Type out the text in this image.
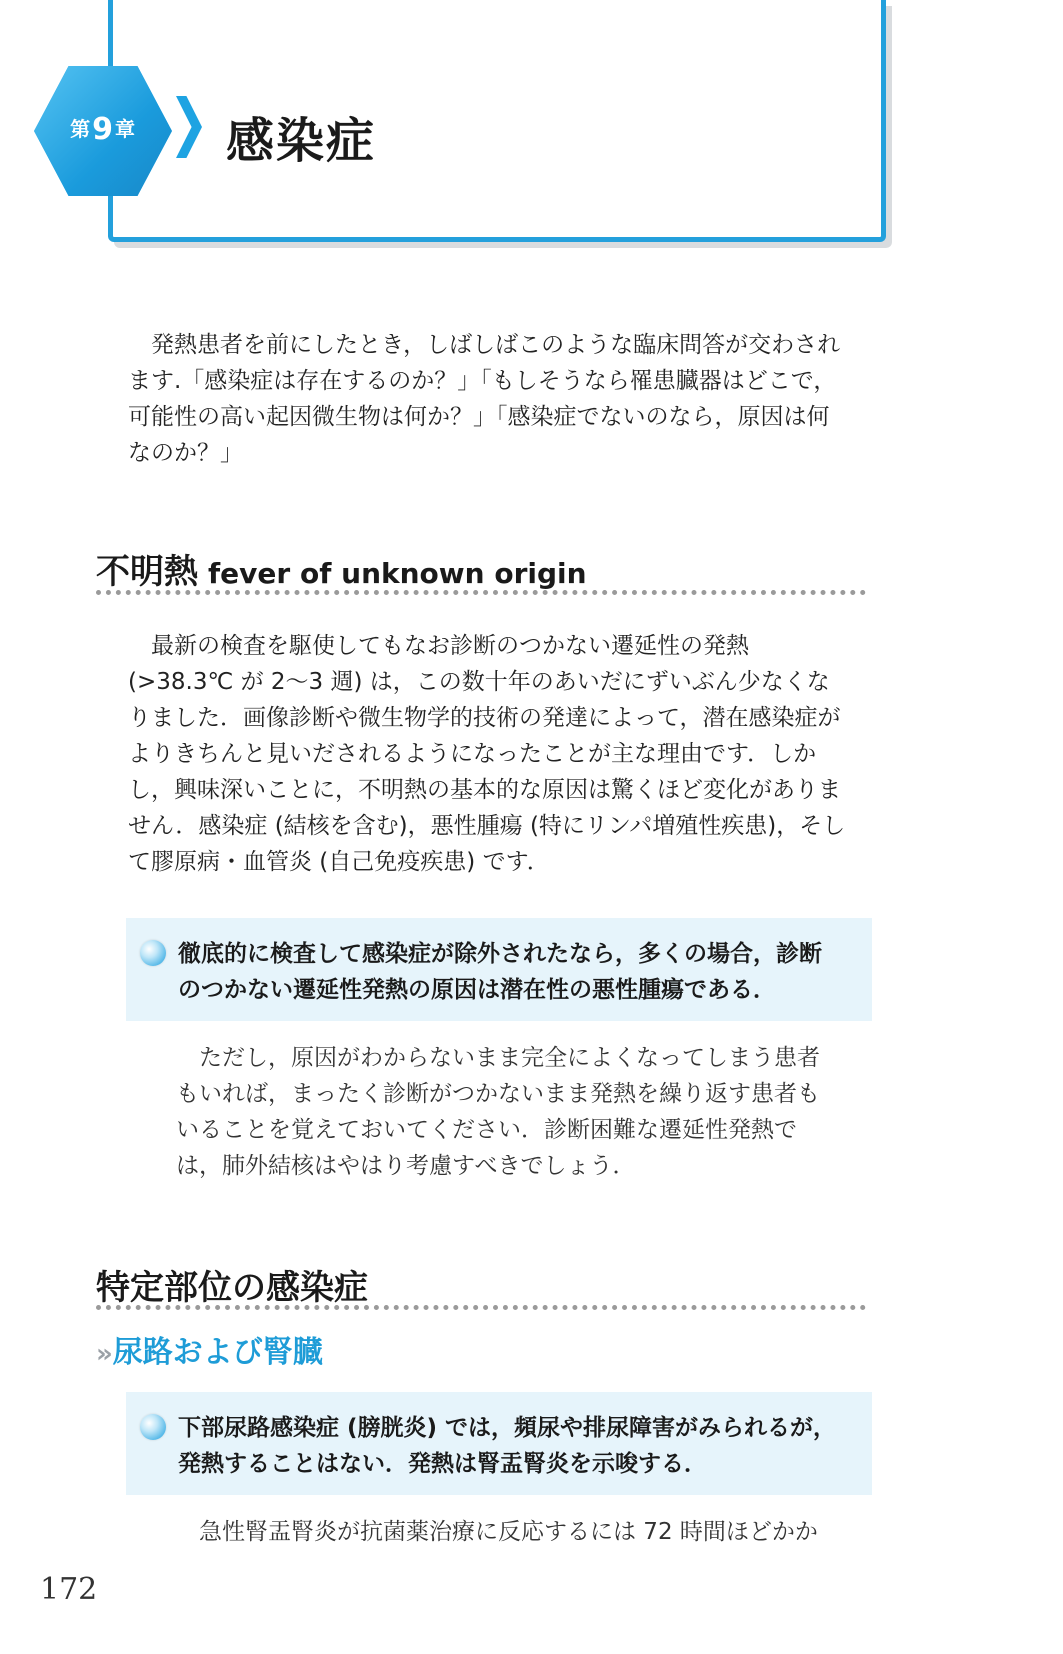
第9章	感染症

発熱患者を前にしたとき，しばしばこのような臨床問答が交わされ
ます.「感染症は存在するのか？」「もしそうなら罹患臓器はどこで，
可能性の高い起因微生物は何か？」「感染症でないのなら，原因は何
なのか？」

不明熱 fever of unknown origin

最新の検査を駆使してもなお診断のつかない遷延性の発熱
(>38.3℃ が 2〜3 週) は，この数十年のあいだにずいぶん少なくな
りました．画像診断や微生物学的技術の発達によって，潜在感染症が
よりきちんと見いだされるようになったことが主な理由です．しか
し，興味深いことに，不明熱の基本的な原因は驚くほど変化がありま
せん．感染症 (結核を含む)，悪性腫瘍 (特にリンパ増殖性疾患)，そし
て膠原病・血管炎 (自己免疫疾患) です．

徹底的に検査して感染症が除外されたなら，多くの場合，診断
のつかない遷延性発熱の原因は潜在性の悪性腫瘍である．

ただし，原因がわからないまま完全によくなってしまう患者
もいれば，まったく診断がつかないまま発熱を繰り返す患者も
いることを覚えておいてください．診断困難な遷延性発熱で
は，肺外結核はやはり考慮すべきでしょう．

特定部位の感染症
» 尿路および腎臓

下部尿路感染症 (膀胱炎) では，頻尿や排尿障害がみられるが，
発熱することはない．発熱は腎盂腎炎を示唆する．

急性腎盂腎炎が抗菌薬治療に反応するには 72 時間ほどかか

172
